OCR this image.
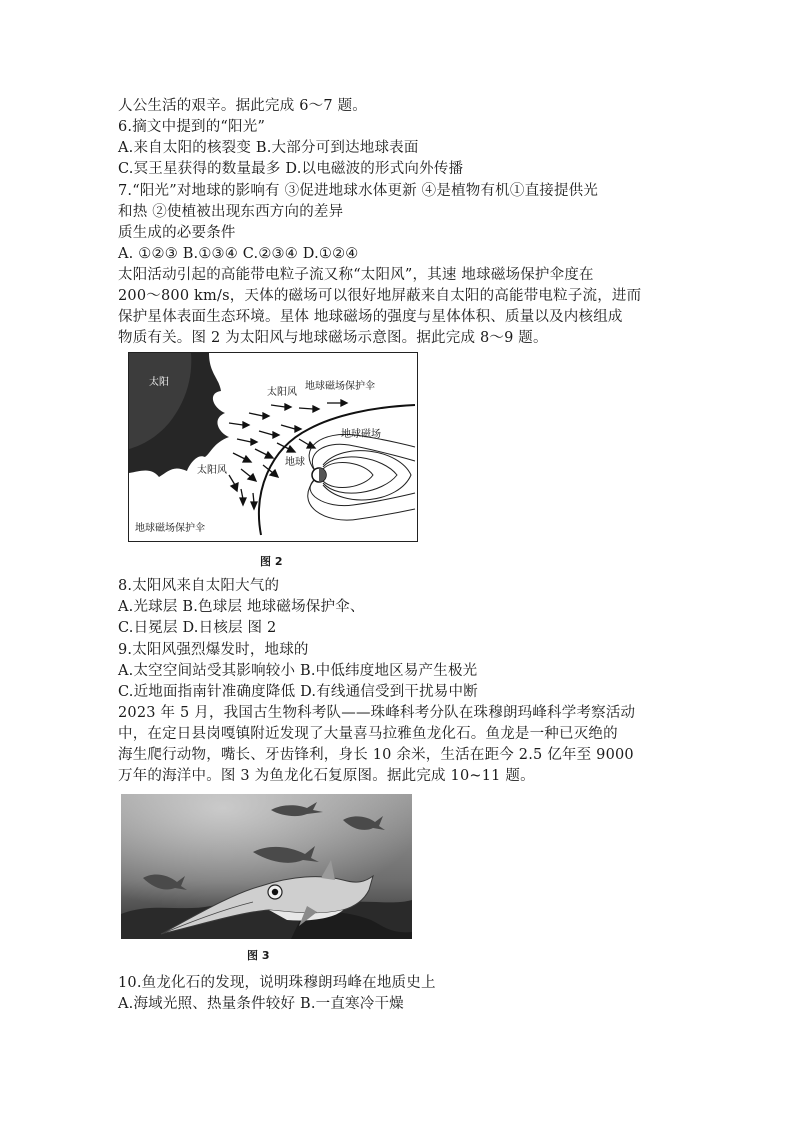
人公生活的艰辛。据此完成 6～7 题。
6.摘文中提到的“阳光”
A.来自太阳的核裂变 B.大部分可到达地球表面
C.冥王星获得的数量最多 D.以电磁波的形式向外传播
7.“阳光”对地球的影响有 ③促进地球水体更新 ④是植物有机①直接提供光
和热 ②使植被出现东西方向的差异
质生成的必要条件
A. ①②③ B.①③④ C.②③④ D.①②④
太阳活动引起的高能带电粒子流又称“太阳风”，其速 地球磁场保护伞度在
200～800 km/s，天体的磁场可以很好地屏蔽来自太阳的高能带电粒子流，进而
保护星体表面生态环境。星体 地球磁场的强度与星体体积、质量以及内核组成
物质有关。图 2 为太阳风与地球磁场示意图。据此完成 8～9 题。
太阳
太阳风
太阳风
地球磁场保护伞
地球磁场
地球
地球磁场保护伞
图 2
8.太阳风来自太阳大气的
A.光球层 B.色球层 地球磁场保护伞、
C.日冕层 D.日核层 图 2
9.太阳风强烈爆发时，地球的
A.太空空间站受其影响较小 B.中低纬度地区易产生极光
C.近地面指南针准确度降低 D.有线通信受到干扰易中断
2023 年 5 月，我国古生物科考队——珠峰科考分队在珠穆朗玛峰科学考察活动
中，在定日县岗嘎镇附近发现了大量喜马拉雅鱼龙化石。鱼龙是一种已灭绝的
海生爬行动物，嘴长、牙齿锋利，身长 10 余米，生活在距今 2.5 亿年至 9000
万年的海洋中。图 3 为鱼龙化石复原图。据此完成 10~11 题。
图 3
10.鱼龙化石的发现，说明珠穆朗玛峰在地质史上
A.海域光照、热量条件较好 B.一直寒冷干燥
